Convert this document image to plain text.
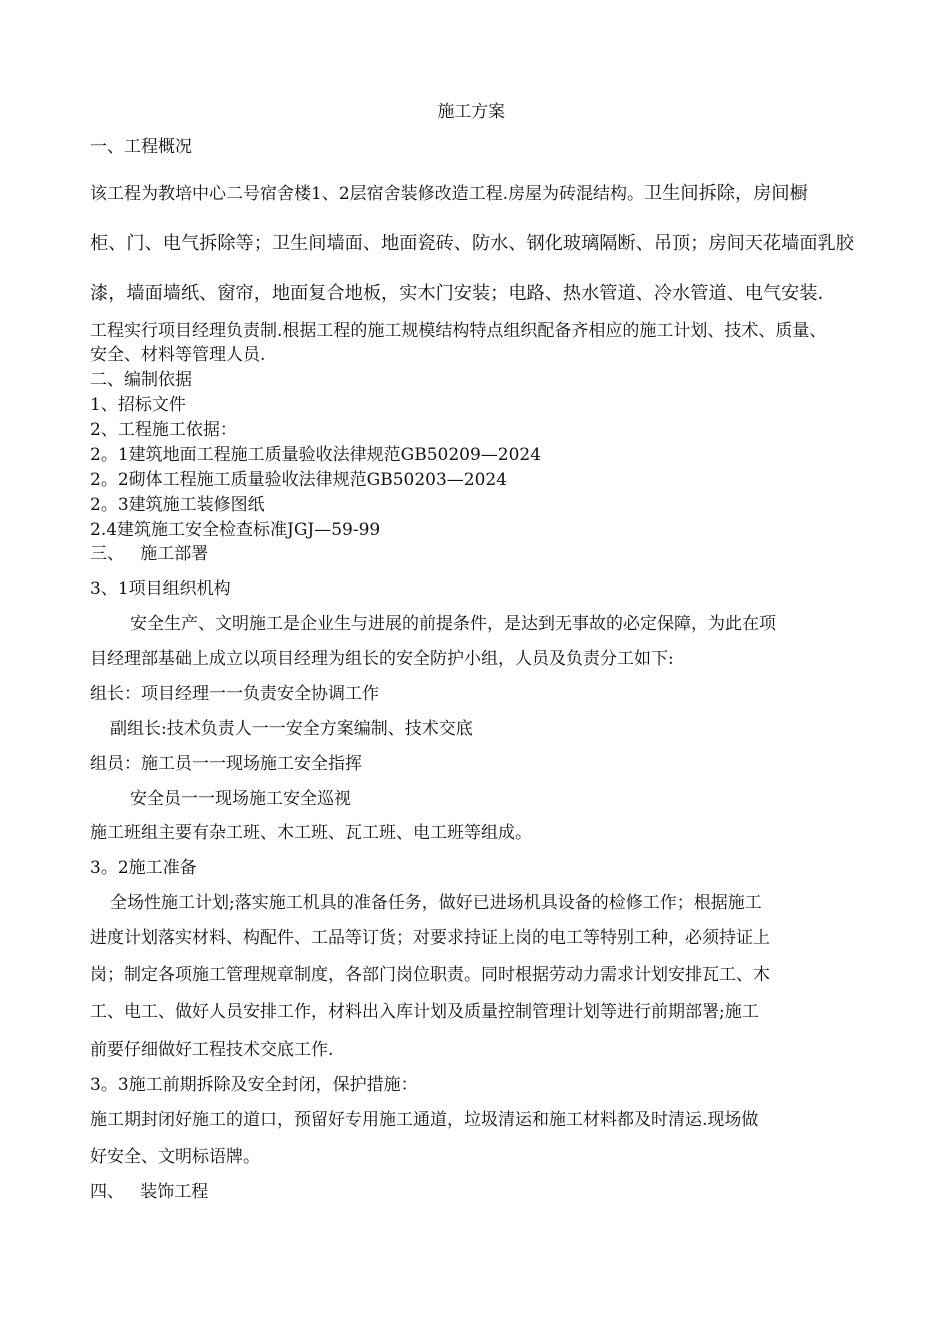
施工方案
一、工程概况
该工程为教培中心二号宿舍楼1、2层宿舍装修改造工程.房屋为砖混结构。卫生间拆除，房间橱
柜、门、电气拆除等；卫生间墙面、地面瓷砖、防水、钢化玻璃隔断、吊顶；房间天花墙面乳胶
漆，墙面墙纸、窗帘，地面复合地板，实木门安装；电路、热水管道、冷水管道、电气安装.
工程实行项目经理负责制.根据工程的施工规模结构特点组织配备齐相应的施工计划、技术、质量、
安全、材料等管理人员.
二、编制依据
1、招标文件
2、工程施工依据：
2。1建筑地面工程施工质量验收法律规范GB50209—2024
2。2砌体工程施工质量验收法律规范GB50203—2024
2。3建筑施工装修图纸
2.4建筑施工安全检查标准JGJ—59-99
三、   施工部署
3、1项目组织机构
安全生产、文明施工是企业生与进展的前提条件，是达到无事故的必定保障，为此在项
目经理部基础上成立以项目经理为组长的安全防护小组，人员及负责分工如下:
组长：项目经理一一负责安全协调工作
副组长:技术负责人一一安全方案编制、技术交底
组员：施工员一一现场施工安全指挥
安全员一一现场施工安全巡视
施工班组主要有杂工班、木工班、瓦工班、电工班等组成。
3。2施工准备
全场性施工计划;落实施工机具的准备任务，做好已进场机具设备的检修工作；根据施工
进度计划落实材料、构配件、工品等订货；对要求持证上岗的电工等特别工种，必须持证上
岗；制定各项施工管理规章制度，各部门岗位职责。同时根据劳动力需求计划安排瓦工、木
工、电工、做好人员安排工作，材料出入库计划及质量控制管理计划等进行前期部署;施工
前要仔细做好工程技术交底工作.
3。3施工前期拆除及安全封闭，保护措施：
施工期封闭好施工的道口，预留好专用施工通道，垃圾清运和施工材料都及时清运.现场做
好安全、文明标语牌。
四、   装饰工程
